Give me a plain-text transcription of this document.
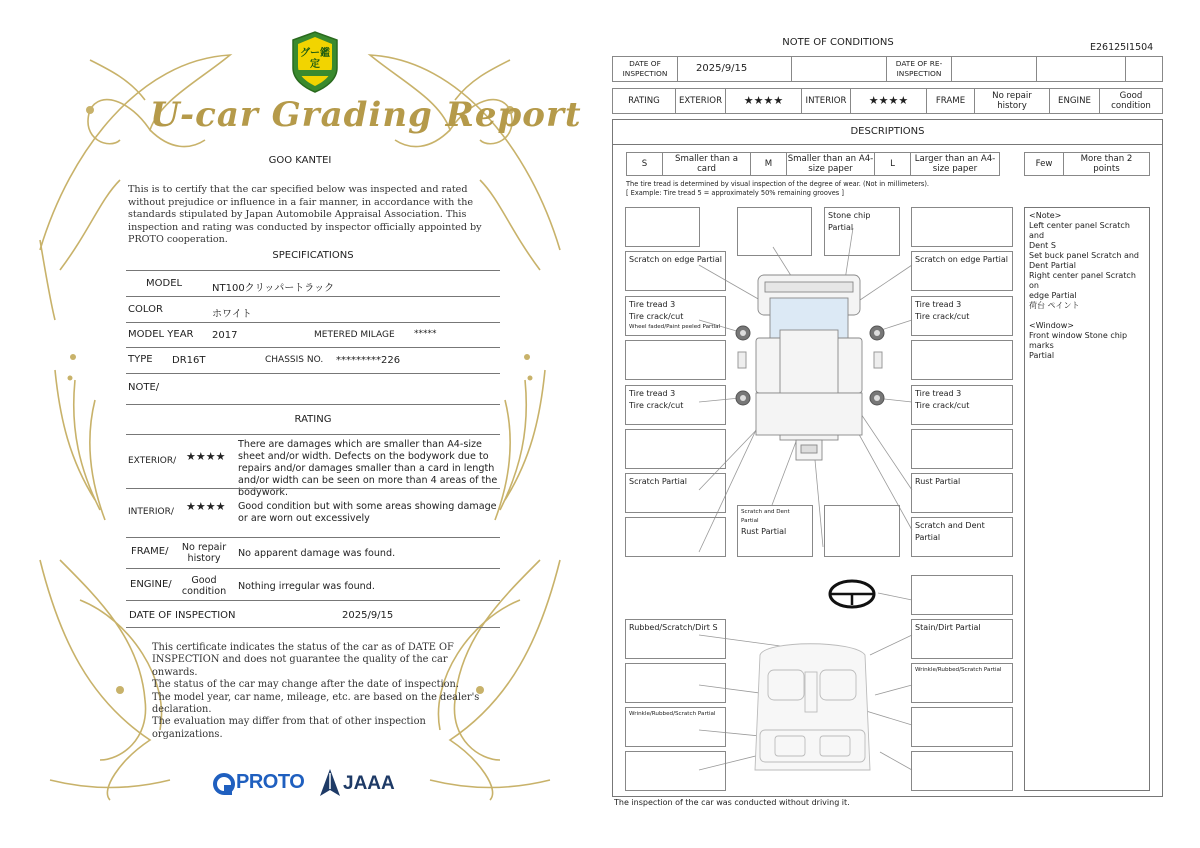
グー鑑定
U-car Grading Report
GOO KANTEI
This is to certify that the car specified below was inspected and rated without prejudice or influence in a fair manner, in accordance with the standards stipulated by Japan Automobile Appraisal Association. This inspection and rating was conducted by inspector officially appointed by PROTO cooperation.
SPECIFICATIONS
MODEL	NT100クリッパートラック
COLOR	ホワイト
MODEL YEAR 2017	METERED MILAGE *****
TYPE DR16T	CHASSIS NO. *********226
NOTE/
RATING
EXTERIOR/ ★★★★
There are damages which are smaller than A4-size sheet and/or width. Defects on the bodywork due to repairs and/or damages smaller than a card in length and/or width can be seen on more than 4 areas of the bodywork.
INTERIOR/ ★★★★ Good condition but with some areas showing damage or are worn out excessively
FRAME/	No repair history	No apparent damage was found.
ENGINE/	Good condition	Nothing irregular was found.
DATE OF INSPECTION	2025/9/15
This certificate indicates the status of the car as of DATE OF
INSPECTION and does not guarantee the quality of the car onwards.
The status of the car may change after the date of inspection.
The model year, car name, mileage, etc. are based on the dealer's
declaration.
The evaluation may differ from that of other inspection organizations.
PROTO JAAA
NOTE OF CONDITIONS	E26125I1504
DATE OF INSPECTION	2025/9/15	DATE OF RE-INSPECTION
RATING	EXTERIOR	★★★★	INTERIOR	★★★★	FRAME	No repair history	ENGINE	Good condition
DESCRIPTIONS
S	Smaller than a card	M	Smaller than an A4-size paper	L	Larger than an A4-size paper	Few	More than 2 points
The tire tread is determined by visual inspection of the degree of wear. (Not in millimeters).
[ Example: Tire tread 5 = approximately 50% remaining grooves ]
Stone chip Partial
Scratch on edge Partial	Scratch on edge Partial
Tire tread 3
Tire crack/cut
Wheel faded/Paint peeled Partial
Tire tread 3
Tire crack/cut
Tire tread 3
Tire crack/cut
Tire tread 3
Tire crack/cut
Scratch Partial	Rust Partial
Scratch and Dent Partial
Rust Partial
Scratch and Dent Partial
Rubbed/Scratch/Dirt S	Stain/Dirt Partial
Wrinkle/Rubbed/Scratch Partial
Wrinkle/Rubbed/Scratch Partial
<Note>
Left center panel Scratch and
Dent S
Set buck panel Scratch and
Dent Partial
Right center panel Scratch on
edge Partial
荷台 ペイント
<Window>
Front window Stone chip marks
Partial
The inspection of the car was conducted without driving it.
